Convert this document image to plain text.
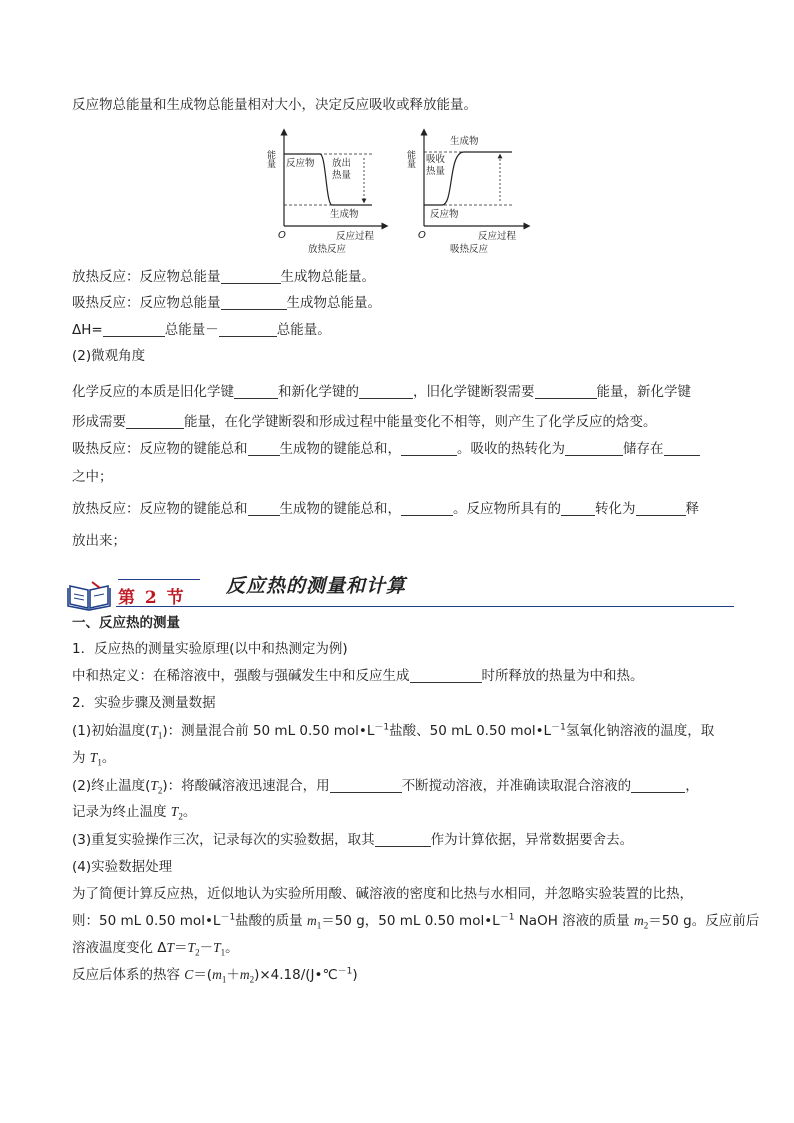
反应物总能量和生成物总能量相对大小，决定反应吸收或释放能量。
能量 反应物 放出
热量
生成物
O	反应过程
放热反应
能量
生成物
吸收
热量
反应物
O	反应过程
吸热反应
放热反应：反应物总能量	生成物总能量。
吸热反应：反应物总能量	生成物总能量。
ΔH=	总能量－	总能量。
(2)微观角度
化学反应的本质是旧化学键	和新化学键的	，旧化学键断裂需要	能量，新化学键
形成需要	能量，在化学键断裂和形成过程中能量变化不相等，则产生了化学反应的焓变。
吸热反应：反应物的键能总和 生成物的键能总和，	。吸收的热转化为	储存在
之中；
放热反应：反应物的键能总和 生成物的键能总和，	。反应物所具有的	转化为	释
放出来；
第 2 节
反应热的测量和计算
一、反应热的测量
1．反应热的测量实验原理(以中和热测定为例)
中和热定义：在稀溶液中，强酸与强碱发生中和反应生成	时所释放的热量为中和热。
2．实验步骤及测量数据
(1)初始温度$(T_1)$：测量混合前 50 mL 0.50 $mol•L^{-1}$盐酸、50 mL 0.50 $mol•L^{-1}$氢氧化钠溶液的温度，取
为 $T_1$。
(2)终止温度$(T_2)$：将酸碱溶液迅速混合，用	不断搅动溶液，并准确读取混合溶液的	，
记录为终止温度 $T_2$。
(3)重复实验操作三次，记录每次的实验数据，取其	作为计算依据，异常数据要舍去。
(4)实验数据处理
为了简便计算反应热，近似地认为实验所用酸、碱溶液的密度和比热与水相同，并忽略实验装置的比热，
则：50 mL 0.50 $mol•L^{-1}$盐酸的质量 $m_1=50$ g，50 mL 0.50 $mol•L^{-1}$ NaOH 溶液的质量 $m_2=50$ g。反应前后
溶液温度变化 $\Delta T=T_2-T_1$。
反应后体系的热容 $C=(m_1+m_2)\times 4.18/(J•℃^{-1})$
